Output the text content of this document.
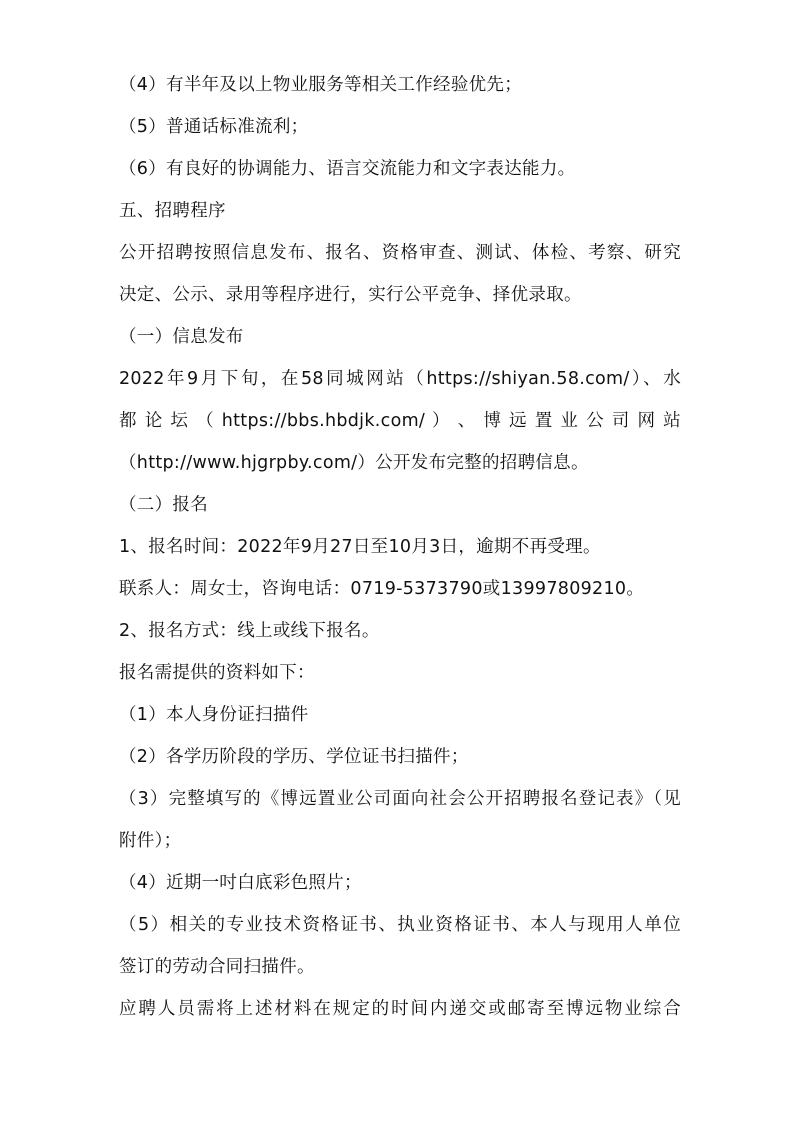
（4）有半年及以上物业服务等相关工作经验优先；
（5）普通话标准流利；
（6）有良好的协调能力、语言交流能力和文字表达能力。
五、招聘程序
公开招聘按照信息发布、报名、资格审查、测试、体检、考察、研究
决定、公示、录用等程序进行，实行公平竞争、择优录取。
（一）信息发布
2022年9月下旬，在58同城网站（https://shiyan.58.com/）、水
都 论 坛 （ https://bbs.hbdjk.com/ ） 、 博 远 置 业 公 司 网 站
（http://www.hjgrpby.com/）公开发布完整的招聘信息。
（二）报名
1、报名时间：2022年9月27日至10月3日，逾期不再受理。
联系人：周女士，咨询电话：0719-5373790或13997809210。
2、报名方式：线上或线下报名。
报名需提供的资料如下：
（1）本人身份证扫描件
（2）各学历阶段的学历、学位证书扫描件；
（3）完整填写的《博远置业公司面向社会公开招聘报名登记表》（见
附件）；
（4）近期一吋白底彩色照片；
（5）相关的专业技术资格证书、执业资格证书、本人与现用人单位
签订的劳动合同扫描件。
应聘人员需将上述材料在规定的时间内递交或邮寄至博远物业综合
